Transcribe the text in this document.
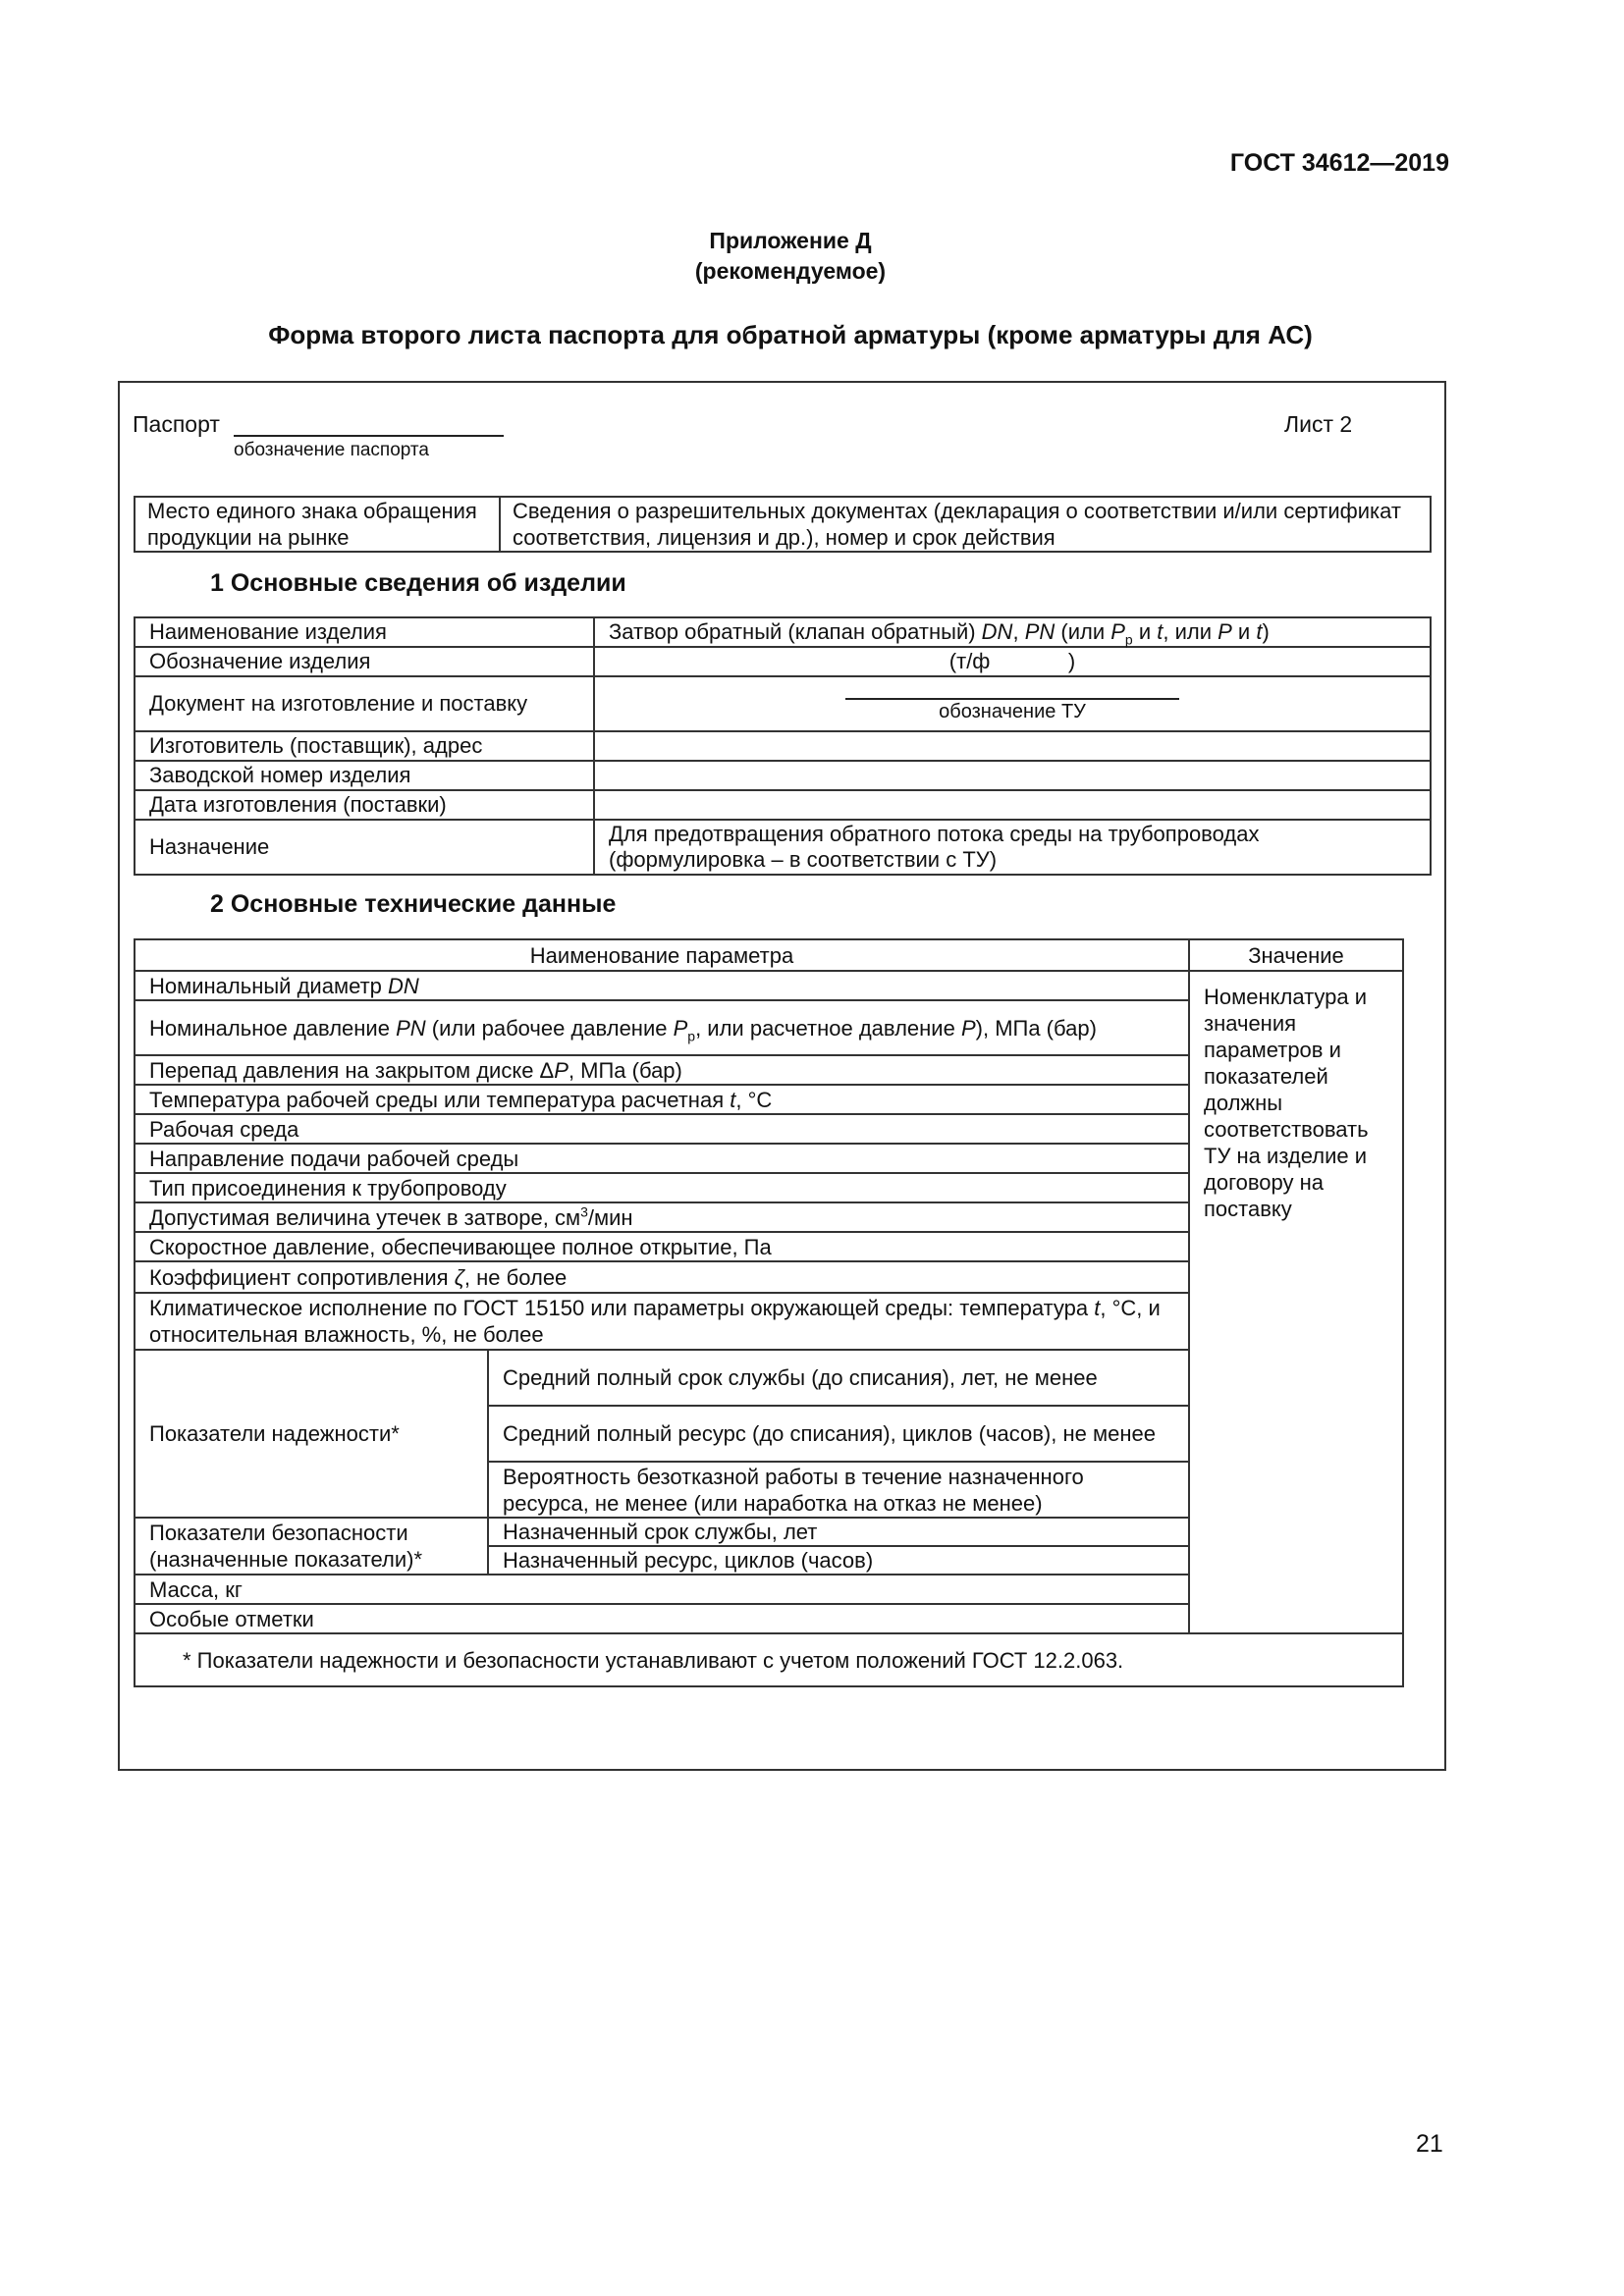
ГОСТ 34612—2019
Приложение Д
(рекомендуемое)
Форма второго листа паспорта для обратной арматуры (кроме арматуры для АС)
Паспорт
обозначение паспорта
Лист 2
Место единого знака обращения продукции на рынке	Сведения о разрешительных документах (декларация о соответствии и/или сертификат соответствия, лицензия и др.), номер и срок действия
1 Основные сведения об изделии
Наименование изделия	Затвор обратный (клапан обратный) DN, PN (или $P_р$ и t, или P и t)
Обозначение изделия	(т/ф             )
Документ на изготовление и поставку	обозначение ТУ

Изготовитель (поставщик), адрес	
Заводской номер изделия	
Дата изготовления (поставки)	
Назначение	Для предотвращения обратного потока среды на трубопроводах (формулировка – в соответствии с ТУ)
2 Основные технические данные
Наименование параметра		Значение
Номинальный диаметр DN		Номенклатура и значения параметров и показателей должны соответствовать ТУ на изделие и договору на поставку
Номинальное давление PN (или рабочее давление $P_р$, или расчетное давление P), МПа (бар)		
Перепад давления на закрытом диске ΔP, МПа (бар)		
Температура рабочей среды или температура расчетная t, °С		
Рабочая среда		
Направление подачи рабочей среды		
Тип присоединения к трубопроводу		
Допустимая величина утечек в затворе, $см^3$/мин		
Скоростное давление, обеспечивающее полное открытие, Па		
Коэффициент сопротивления ζ, не более		
Климатическое исполнение по ГОСТ 15150 или параметры окружающей среды: температура t, °С, и относительная влажность, %, не более		
Показатели надежности*	Средний полный срок службы (до списания), лет, не менее	
	Средний полный ресурс (до списания), циклов (часов), не менее	
	Вероятность безотказной работы в течение назначенного ресурса, не менее (или наработка на отказ не менее)	
Показатели безопасности (назначенные показатели)*	Назначенный срок службы, лет	
	Назначенный ресурс, циклов (часов)	
Масса, кг		
Особые отметки		
* Показатели надежности и безопасности устанавливают с учетом положений ГОСТ 12.2.063.		
21
